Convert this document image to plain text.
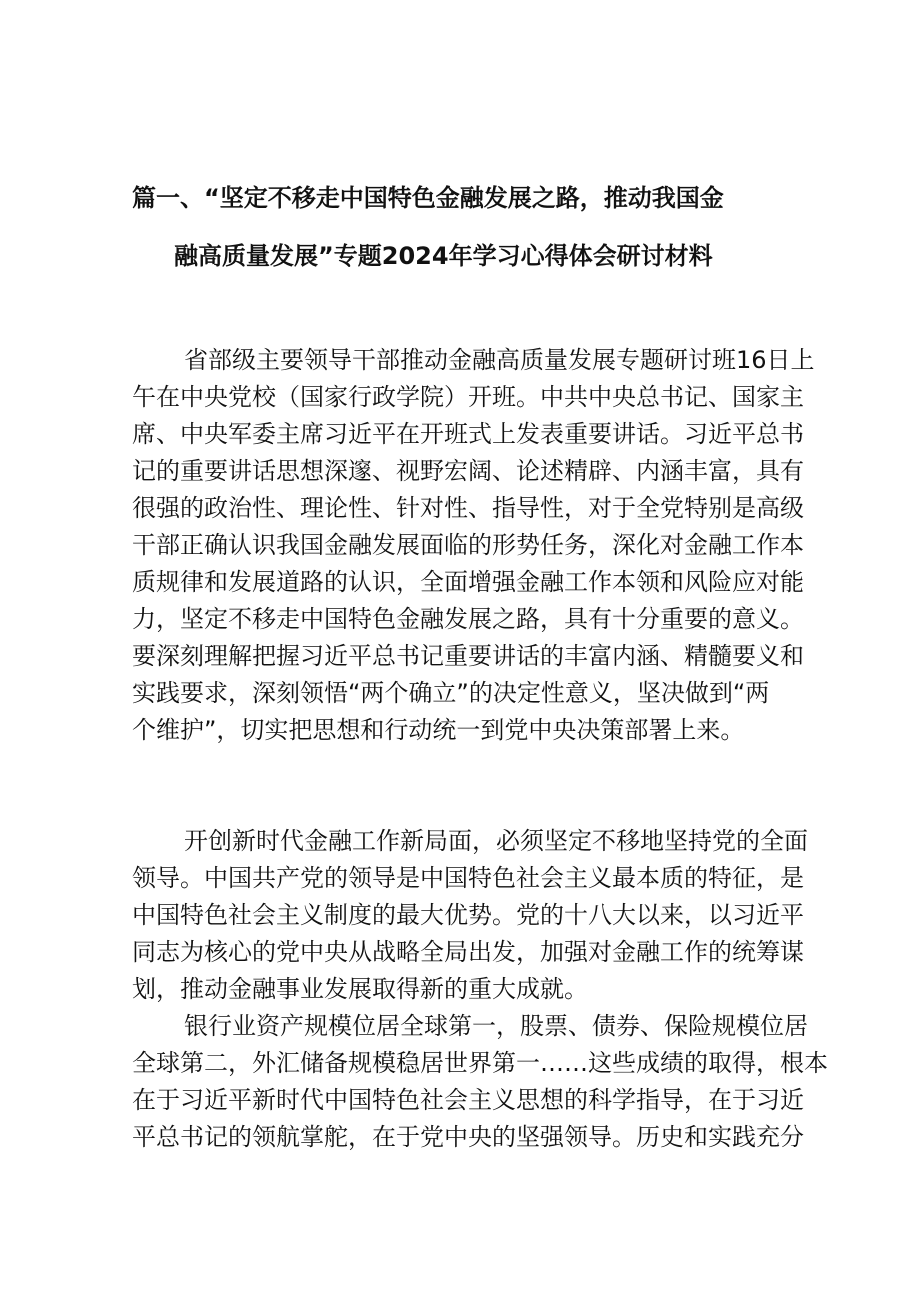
篇一、“坚定不移走中国特色金融发展之路，推动我国金
融高质量发展”专题2024年学习心得体会研讨材料
省部级主要领导干部推动金融高质量发展专题研讨班16日上
午在中央党校（国家行政学院）开班。中共中央总书记、国家主
席、中央军委主席习近平在开班式上发表重要讲话。习近平总书
记的重要讲话思想深邃、视野宏阔、论述精辟、内涵丰富，具有
很强的政治性、理论性、针对性、指导性，对于全党特别是高级
干部正确认识我国金融发展面临的形势任务，深化对金融工作本
质规律和发展道路的认识，全面增强金融工作本领和风险应对能
力，坚定不移走中国特色金融发展之路，具有十分重要的意义。
要深刻理解把握习近平总书记重要讲话的丰富内涵、精髓要义和
实践要求，深刻领悟“两个确立”的决定性意义，坚决做到“两
个维护”，切实把思想和行动统一到党中央决策部署上来。
开创新时代金融工作新局面，必须坚定不移地坚持党的全面
领导。中国共产党的领导是中国特色社会主义最本质的特征，是
中国特色社会主义制度的最大优势。党的十八大以来，以习近平
同志为核心的党中央从战略全局出发，加强对金融工作的统筹谋
划，推动金融事业发展取得新的重大成就。
银行业资产规模位居全球第一，股票、债券、保险规模位居
全球第二，外汇储备规模稳居世界第一……这些成绩的取得，根本
在于习近平新时代中国特色社会主义思想的科学指导，在于习近
平总书记的领航掌舵，在于党中央的坚强领导。历史和实践充分
